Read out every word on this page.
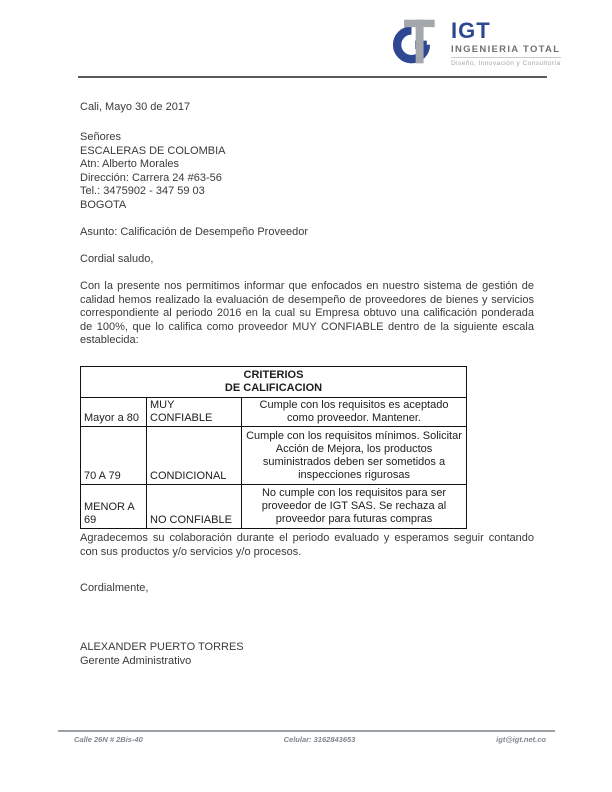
IGT
INGENIERIA TOTAL
Diseño, Innovación y Consultoría
Cali, Mayo 30 de 2017
Señores
ESCALERAS DE COLOMBIA
Atn: Alberto Morales
Dirección: Carrera 24 #63-56
Tel.: 3475902 - 347 59 03
BOGOTA
Asunto: Calificación de Desempeño Proveedor
Cordial saludo,
Con la presente nos permitimos informar que enfocados en nuestro sistema de gestión de calidad hemos realizado la evaluación de desempeño de proveedores de bienes y servicios correspondiente al periodo 2016 en la cual su Empresa obtuvo una calificación ponderada de 100%, que lo califica como proveedor MUY CONFIABLE dentro de la siguiente escala establecida:
CRITERIOS
DE CALIFICACION		

Mayor a 80	MUY CONFIABLE	Cumple con los requisitos es aceptado como proveedor. Mantener.
70 A 79	CONDICIONAL	Cumple con los requisitos mínimos. Solicitar Acción de Mejora, los productos suministrados deben ser sometidos a inspecciones rigurosas
MENOR A 69	NO CONFIABLE	No cumple con los requisitos para ser proveedor de IGT SAS. Se rechaza al proveedor para futuras compras
Agradecemos su colaboración durante el periodo evaluado y esperamos seguir contando con sus productos y/o servicios y/o procesos.
Cordialmente,
ALEXANDER PUERTO TORRES
Gerente Administrativo
Calle 26N # 2Bis-40	Celular: 3162843653	igt@igt.net.co
